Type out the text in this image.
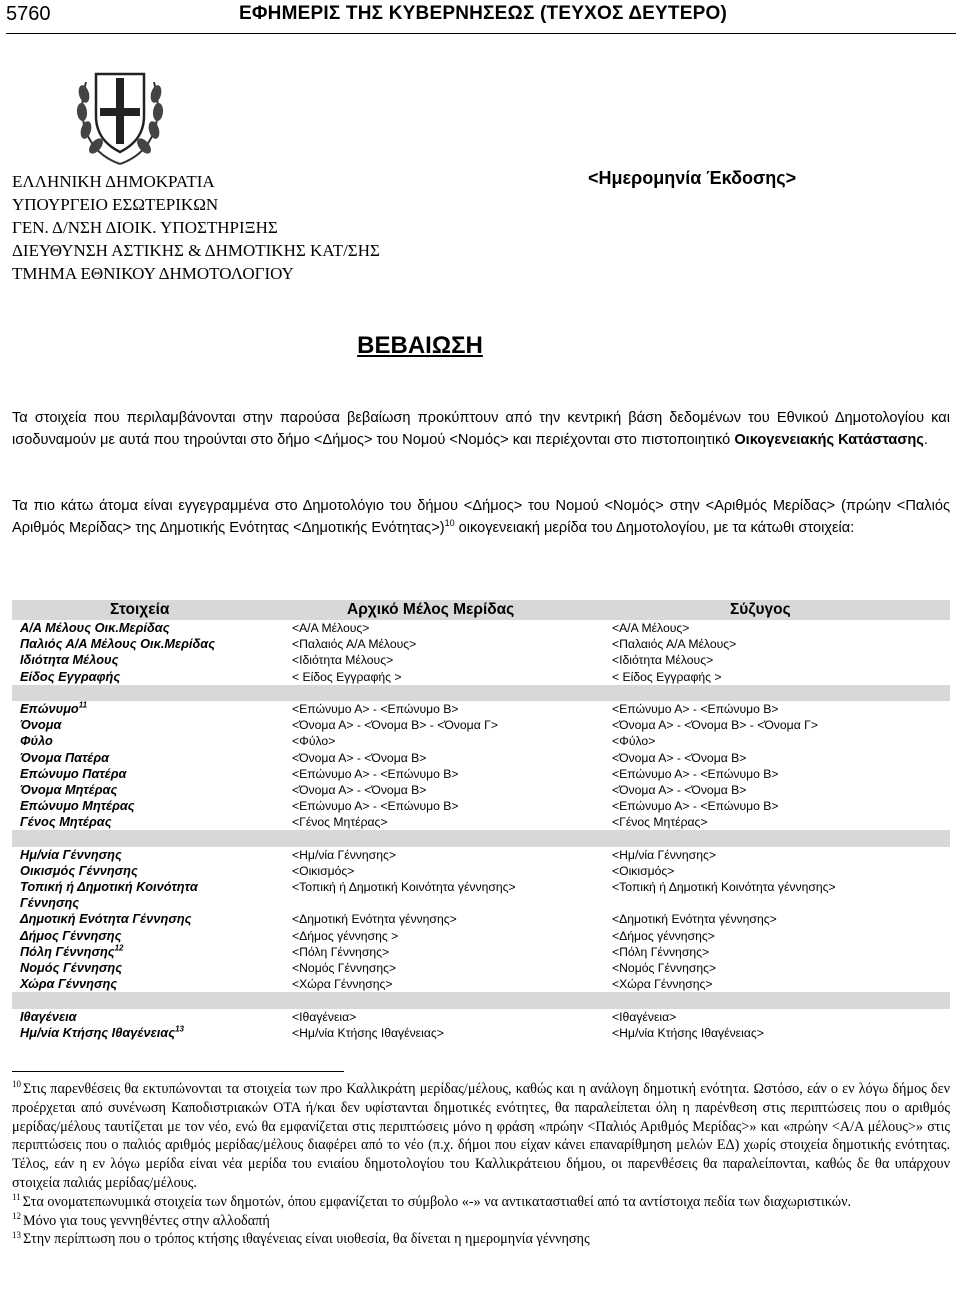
5760	ΕΦΗΜΕΡΙΣ ΤΗΣ ΚΥΒΕΡΝΗΣΕΩΣ (ΤΕΥΧΟΣ ΔΕΥΤΕΡΟ)
ΕΛΛΗΝΙΚΗ ΔΗΜΟΚΡΑΤΙΑ
ΥΠΟΥΡΓΕΙΟ ΕΣΩΤΕΡΙΚΩΝ
ΓΕΝ. Δ/ΝΣΗ ΔΙΟΙΚ. ΥΠΟΣΤΗΡΙΞΗΣ
ΔΙΕΥΘΥΝΣΗ ΑΣΤΙΚΗΣ & ΔΗΜΟΤΙΚΗΣ ΚΑΤ/ΣΗΣ
ΤΜΗΜΑ ΕΘΝΙΚΟΥ ΔΗΜΟΤΟΛΟΓΙΟΥ
<Ημερομηνία Έκδοσης>
ΒΕΒΑΙΩΣΗ
Τα στοιχεία που περιλαμβάνονται στην παρούσα βεβαίωση προκύπτουν από την κεντρική βάση δεδομένων του Εθνικού Δημοτολογίου και ισοδυναμούν με αυτά που τηρούνται στο δήμο <Δήμος> του Νομού <Νομός> και περιέχονται στο πιστοποιητικό Οικογενειακής Κατάστασης.
Τα πιο κάτω άτομα είναι εγγεγραμμένα στο Δημοτολόγιο του δήμου <Δήμος> του Νομού <Νομός> στην <Αριθμός Μερίδας> (πρώην <Παλιός Αριθμός Μερίδας> της Δημοτικής Ενότητας <Δημοτικής Ενότητας>)$^{10}$ οικογενειακή μερίδα του Δημοτολογίου, με τα κάτωθι στοιχεία:
Στοιχεία	Αρχικό Μέλος Μερίδας	Σύζυγος
Α/Α Μέλους Οικ.Μερίδας	<Α/Α Μέλους>	<Α/Α Μέλους>
Παλιός Α/Α Μέλους Οικ.Μερίδας	<Παλαιός Α/Α Μέλους>	<Παλαιός Α/Α Μέλους>
Ιδιότητα Μέλους	<Ιδιότητα Μέλους>	<Ιδιότητα Μέλους>
Είδος Εγγραφής	< Είδος Εγγραφής >	< Είδος Εγγραφής >
Επώνυμο$^{11}$	<Επώνυμο Α> - <Επώνυμο Β>	<Επώνυμο Α> - <Επώνυμο Β>
Όνομα	<Όνομα Α> - <Όνομα Β> - <Όνομα Γ>	<Όνομα Α> - <Όνομα Β> - <Όνομα Γ>
Φύλο	<Φύλο>	<Φύλο>
Όνομα Πατέρα	<Όνομα Α> - <Όνομα Β>	<Όνομα Α> - <Όνομα Β>
Επώνυμο Πατέρα	<Επώνυμο Α> - <Επώνυμο Β>	<Επώνυμο Α> - <Επώνυμο Β>
Όνομα Μητέρας	<Όνομα Α> - <Όνομα Β>	<Όνομα Α> - <Όνομα Β>
Επώνυμο Μητέρας	<Επώνυμο Α> - <Επώνυμο Β>	<Επώνυμο Α> - <Επώνυμο Β>
Γένος Μητέρας	<Γένος Μητέρας>	<Γένος Μητέρας>
Ημ/νία Γέννησης	<Ημ/νία Γέννησης>	<Ημ/νία Γέννησης>
Οικισμός Γέννησης	<Οικισμός>	<Οικισμός>
Τοπική ή Δημοτική Κοινότητα	<Τοπική ή Δημοτική Κοινότητα γέννησης>	<Τοπική ή Δημοτική Κοινότητα γέννησης>
Γέννησης
Δημοτική Ενότητα Γέννησης	<Δημοτική Ενότητα γέννησης>	<Δημοτική Ενότητα γέννησης>
Δήμος Γέννησης	<Δήμος γέννησης >	<Δήμος γέννησης>
Πόλη Γέννησης$^{12}$	<Πόλη Γέννησης>	<Πόλη Γέννησης>
Νομός Γέννησης	<Νομός Γέννησης>	<Νομός Γέννησης>
Χώρα Γέννησης	<Χώρα Γέννησης>	<Χώρα Γέννησης>
Ιθαγένεια	<Ιθαγένεια>	<Ιθαγένεια>
Ημ/νία Κτήσης Ιθαγένειας$^{13}$	<Ημ/νία Κτήσης Ιθαγένειας>	<Ημ/νία Κτήσης Ιθαγένειας>

$^{10}$ Στις παρενθέσεις θα εκτυπώνονται τα στοιχεία των προ Καλλικράτη μερίδας/μέλους, καθώς και η ανάλογη δημοτική ενότητα. Ωστόσο, εάν ο εν λόγω δήμος δεν προέρχεται από συνένωση Καποδιστριακών ΟΤΑ ή/και δεν υφίστανται δημοτικές ενότητες, θα παραλείπεται όλη η παρένθεση στις περιπτώσεις που ο αριθμός μερίδας/μέλους ταυτίζεται με τον νέο, ενώ θα εμφανίζεται στις περιπτώσεις μόνο η φράση «πρώην <Παλιός Αριθμός Μερίδας>» και «πρώην <Α/Α μέλους>» στις περιπτώσεις που ο παλιός αριθμός μερίδας/μέλους διαφέρει από το νέο (π.χ. δήμοι που είχαν κάνει επαναρίθμηση μελών ΕΔ) χωρίς στοιχεία δημοτικής ενότητας. Τέλος, εάν η εν λόγω μερίδα είναι νέα μερίδα του ενιαίου δημοτολογίου του Καλλικράτειου δήμου, οι παρενθέσεις θα παραλείπονται, καθώς δε θα υπάρχουν στοιχεία παλιάς μερίδας/μέλους.

$^{11}$ Στα ονοματεπωνυμικά στοιχεία των δημοτών, όπου εμφανίζεται το σύμβολο «-» να αντικαταστιαθεί από τα αντίστοιχα πεδία των διαχωριστικών.

$^{12}$ Μόνο για τους γεννηθέντες στην αλλοδαπή

$^{13}$ Στην περίπτωση που ο τρόπος κτήσης ιθαγένειας είναι υιοθεσία, θα δίνεται η ημερομηνία γέννησης
